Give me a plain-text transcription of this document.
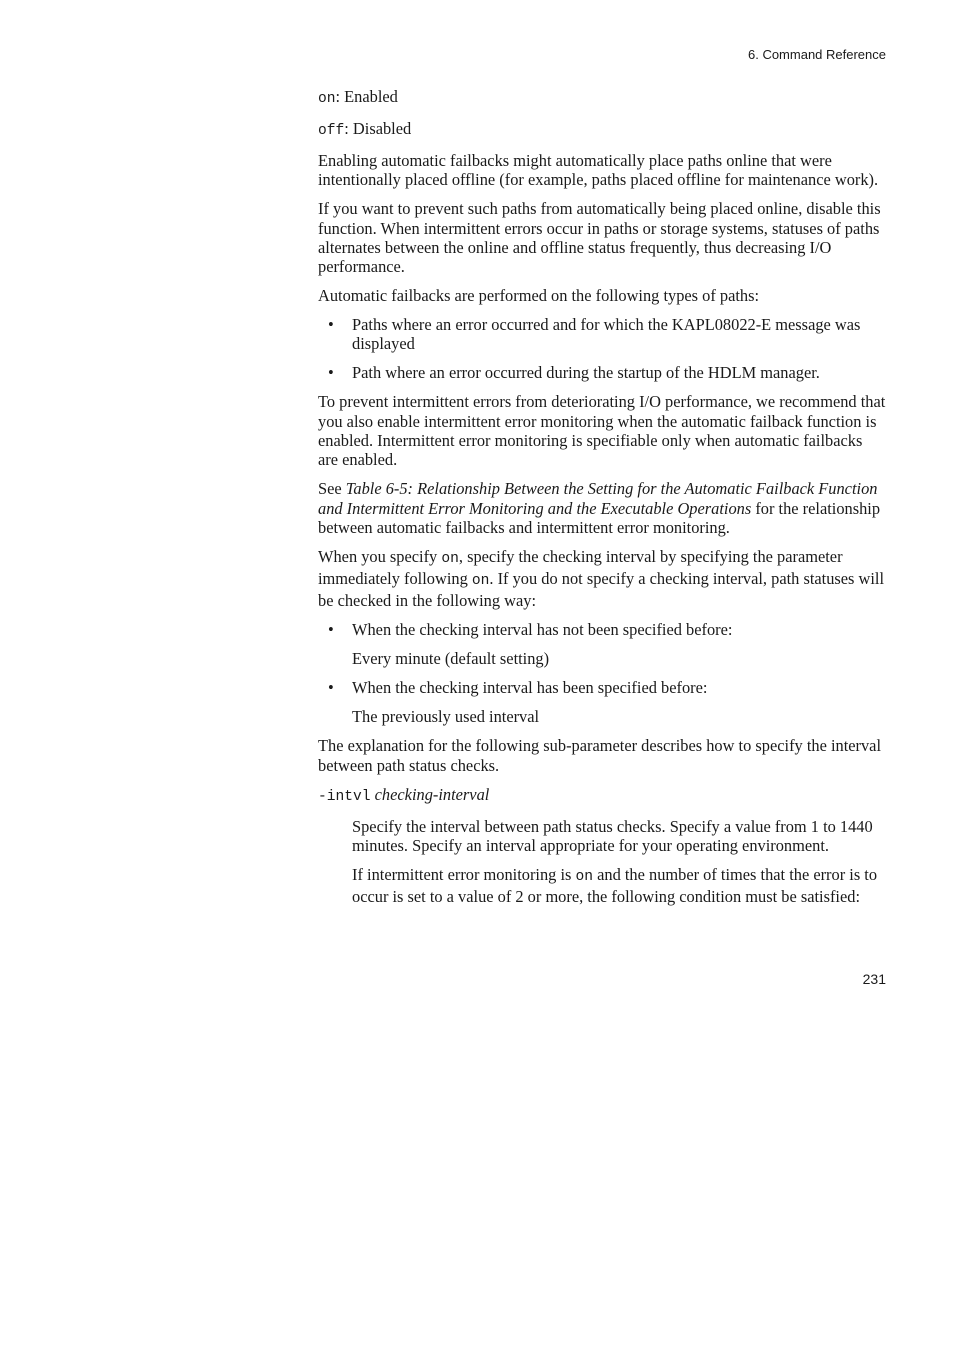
6. Command Reference

on: Enabled

off: Disabled

Enabling automatic failbacks might automatically place paths online that were intentionally placed offline (for example, paths placed offline for maintenance work).

If you want to prevent such paths from automatically being placed online, disable this function. When intermittent errors occur in paths or storage systems, statuses of paths alternates between the online and offline status frequently, thus decreasing I/O performance.

Automatic failbacks are performed on the following types of paths:

• Paths where an error occurred and for which the KAPL08022-E message was displayed
• Path where an error occurred during the startup of the HDLM manager.

To prevent intermittent errors from deteriorating I/O performance, we recommend that you also enable intermittent error monitoring when the automatic failback function is enabled. Intermittent error monitoring is specifiable only when automatic failbacks are enabled.

See Table 6-5: Relationship Between the Setting for the Automatic Failback Function and Intermittent Error Monitoring and the Executable Operations for the relationship between automatic failbacks and intermittent error monitoring.

When you specify on, specify the checking interval by specifying the parameter immediately following on. If you do not specify a checking interval, path statuses will be checked in the following way:

• When the checking interval has not been specified before:

Every minute (default setting)

• When the checking interval has been specified before:

The previously used interval

The explanation for the following sub-parameter describes how to specify the interval between path status checks.

-intvl checking-interval

Specify the interval between path status checks. Specify a value from 1 to 1440 minutes. Specify an interval appropriate for your operating environment.

If intermittent error monitoring is on and the number of times that the error is to occur is set to a value of 2 or more, the following condition must be satisfied:

231
